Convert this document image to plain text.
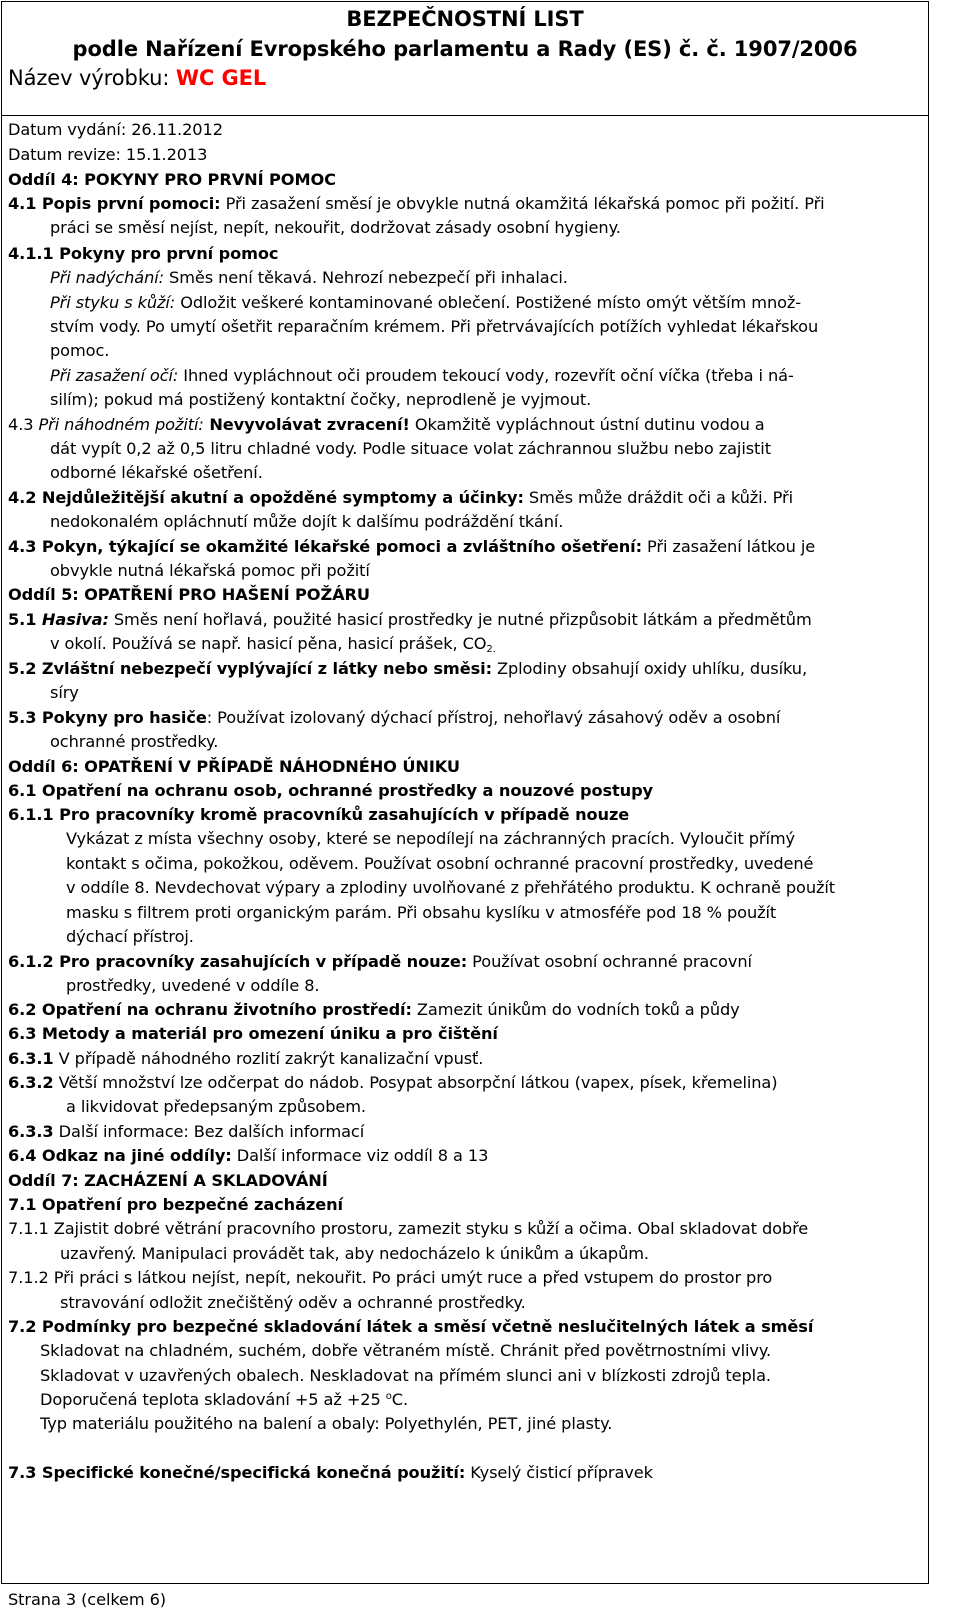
BEZPEČNOSTNÍ LIST
podle Nařízení Evropského parlamentu a Rady (ES) č. č. 1907/2006
Název výrobku: WC GEL
Datum vydání: 26.11.2012
Datum revize: 15.1.2013
Oddíl 4: POKYNY PRO PRVNÍ POMOC
4.1 Popis první pomoci: Při zasažení směsí je obvykle nutná okamžitá lékařská pomoc při požití. Při
práci se směsí nejíst, nepít, nekouřit, dodržovat zásady osobní hygieny.
4.1.1 Pokyny pro první pomoc
Při nadýchání: Směs není těkavá. Nehrozí nebezpečí při inhalaci.
Při styku s kůží: Odložit veškeré kontaminované oblečení. Postižené místo omýt větším množ-
stvím vody. Po umytí ošetřit reparačním krémem. Při přetrvávajících potížích vyhledat lékařskou
pomoc.
Při zasažení očí: Ihned vypláchnout oči proudem tekoucí vody, rozevřít oční víčka (třeba i ná-
silím); pokud má postižený kontaktní čočky, neprodleně je vyjmout.
4.3 Při náhodném požití: Nevyvolávat zvracení! Okamžitě vypláchnout ústní dutinu vodou a
dát vypít 0,2 až 0,5 litru chladné vody. Podle situace volat záchrannou službu nebo zajistit
odborné lékařské ošetření.
4.2 Nejdůležitější akutní a opožděné symptomy a účinky: Směs může dráždit oči a kůži. Při
nedokonalém opláchnutí může dojít k dalšímu podráždění tkání.
4.3 Pokyn, týkající se okamžité lékařské pomoci a zvláštního ošetření: Při zasažení látkou je
obvykle nutná lékařská pomoc při požití
Oddíl 5: OPATŘENÍ PRO HAŠENÍ POŽÁRU
5.1 Hasiva: Směs není hořlavá, použité hasicí prostředky je nutné přizpůsobit látkám a předmětům
v okolí. Používá se např. hasicí pěna, hasicí prášek, $CO_{2.}$
5.2 Zvláštní nebezpečí vyplývající z látky nebo směsi: Zplodiny obsahují oxidy uhlíku, dusíku,
síry
5.3 Pokyny pro hasiče: Používat izolovaný dýchací přístroj, nehořlavý zásahový oděv a osobní
ochranné prostředky.
Oddíl 6: OPATŘENÍ V PŘÍPADĚ NÁHODNÉHO ÚNIKU
6.1 Opatření na ochranu osob, ochranné prostředky a nouzové postupy
6.1.1 Pro pracovníky kromě pracovníků zasahujících v případě nouze
Vykázat z místa všechny osoby, které se nepodílejí na záchranných pracích. Vyloučit přímý
kontakt s očima, pokožkou, oděvem. Používat osobní ochranné pracovní prostředky, uvedené
v oddíle 8. Nevdechovat výpary a zplodiny uvolňované z přehřátého produktu. K ochraně použít
masku s filtrem proti organickým parám. Při obsahu kyslíku v atmosféře pod 18 % použít
dýchací přístroj.
6.1.2 Pro pracovníky zasahujících v případě nouze: Používat osobní ochranné pracovní
prostředky, uvedené v oddíle 8.
6.2 Opatření na ochranu životního prostředí: Zamezit únikům do vodních toků a půdy
6.3 Metody a materiál pro omezení úniku a pro čištění
6.3.1 V případě náhodného rozlití zakrýt kanalizační vpusť.
6.3.2 Větší množství lze odčerpat do nádob. Posypat absorpční látkou (vapex, písek, křemelina)
a likvidovat předepsaným způsobem.
6.3.3 Další informace: Bez dalších informací
6.4 Odkaz na jiné oddíly: Další informace viz oddíl 8 a 13
Oddíl 7: ZACHÁZENÍ A SKLADOVÁNÍ
7.1 Opatření pro bezpečné zacházení
7.1.1 Zajistit dobré větrání pracovního prostoru, zamezit styku s kůží a očima. Obal skladovat dobře
uzavřený. Manipulaci provádět tak, aby nedocházelo k únikům a úkapům.
7.1.2 Při práci s látkou nejíst, nepít, nekouřit. Po práci umýt ruce a před vstupem do prostor pro
stravování odložit znečištěný oděv a ochranné prostředky.
7.2 Podmínky pro bezpečné skladování látek a směsí včetně neslučitelných látek a směsí
Skladovat na chladném, suchém, dobře větraném místě. Chránit před povětrnostními vlivy.
Skladovat v uzavřených obalech. Neskladovat na přímém slunci ani v blízkosti zdrojů tepla.
Doporučená teplota skladování +5 až +25 $^o$C.
Typ materiálu použitého na balení a obaly: Polyethylén, PET, jiné plasty.
7.3 Specifické konečné/specifická konečná použití: Kyselý čisticí přípravek
Strana 3 (celkem 6)
